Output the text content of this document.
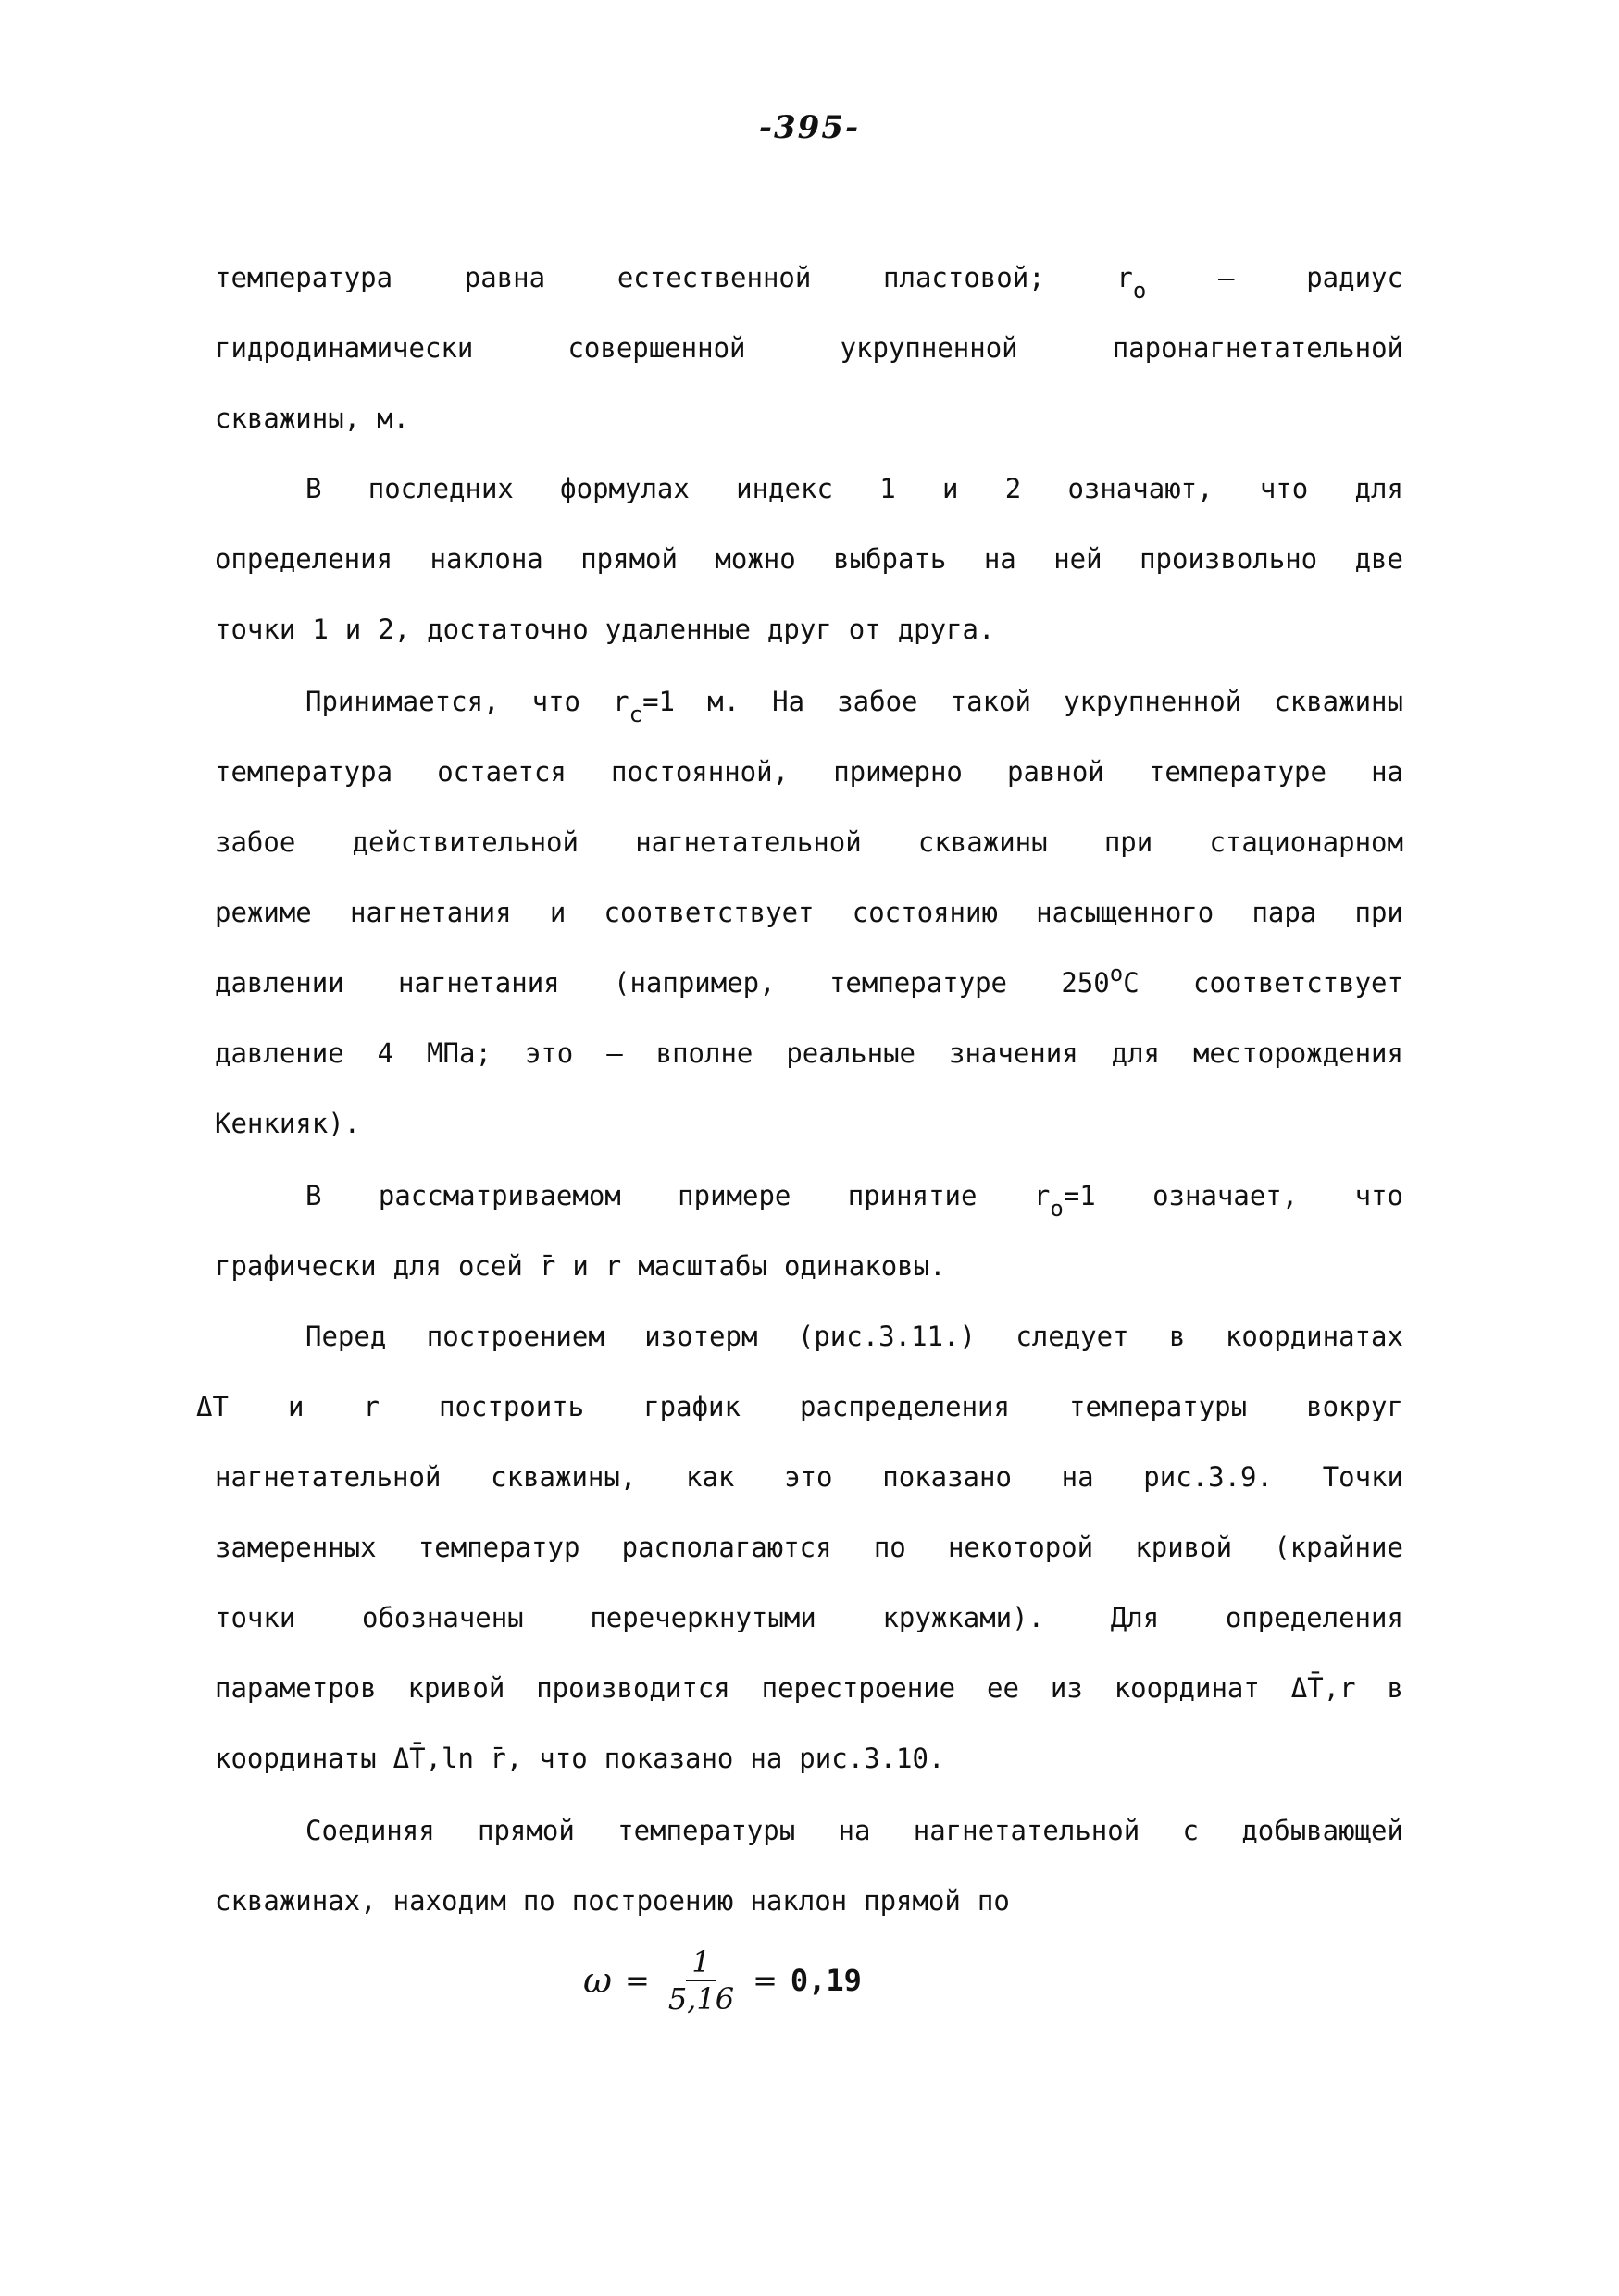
-395-
температура	равна	естественной	пластовой;	$r_o$	–	радиус
гидродинамически	совершенной	укрупненной	паронагнетательной
скважины, м.
В последних формулах индекс 1 и 2 означают, что для
определения наклона прямой можно выбрать на ней произвольно две
точки 1 и 2, достаточно удаленные друг от друга.
Принимается, что $r_c=1$ м. На забое такой укрупненной скважины
температура остается постоянной, примерно равной температуре на
забое действительной нагнетательной скважины при стационарном
режиме нагнетания и соответствует состоянию насыщенного пара при
давлении нагнетания (например, температуре 250$^o$C соответствует
давление 4 МПа; это – вполне реальные значения для месторождения
Кенкияк).
В рассматриваемом примере принятие $r_o=1$ означает, что
графически для осей r̄ и r масштабы одинаковы.
Перед построением изотерм (рис.3.11.) следует в координатах
ΔT и r построить график распределения температуры вокруг
нагнетательной скважины, как это показано на рис.3.9. Точки
замеренных температур располагаются по некоторой кривой (крайние
точки обозначены перечеркнутыми кружками). Для определения
параметров кривой производится перестроение ее из координат ΔT̄,r в
координаты ΔT̄,ln r̄, что показано на рис.3.10.
Соединяя прямой температуры на нагнетательной с добывающей
скважинах, находим по построению наклон прямой по
$\omega = \frac{1}{5,16} = 0,19$
